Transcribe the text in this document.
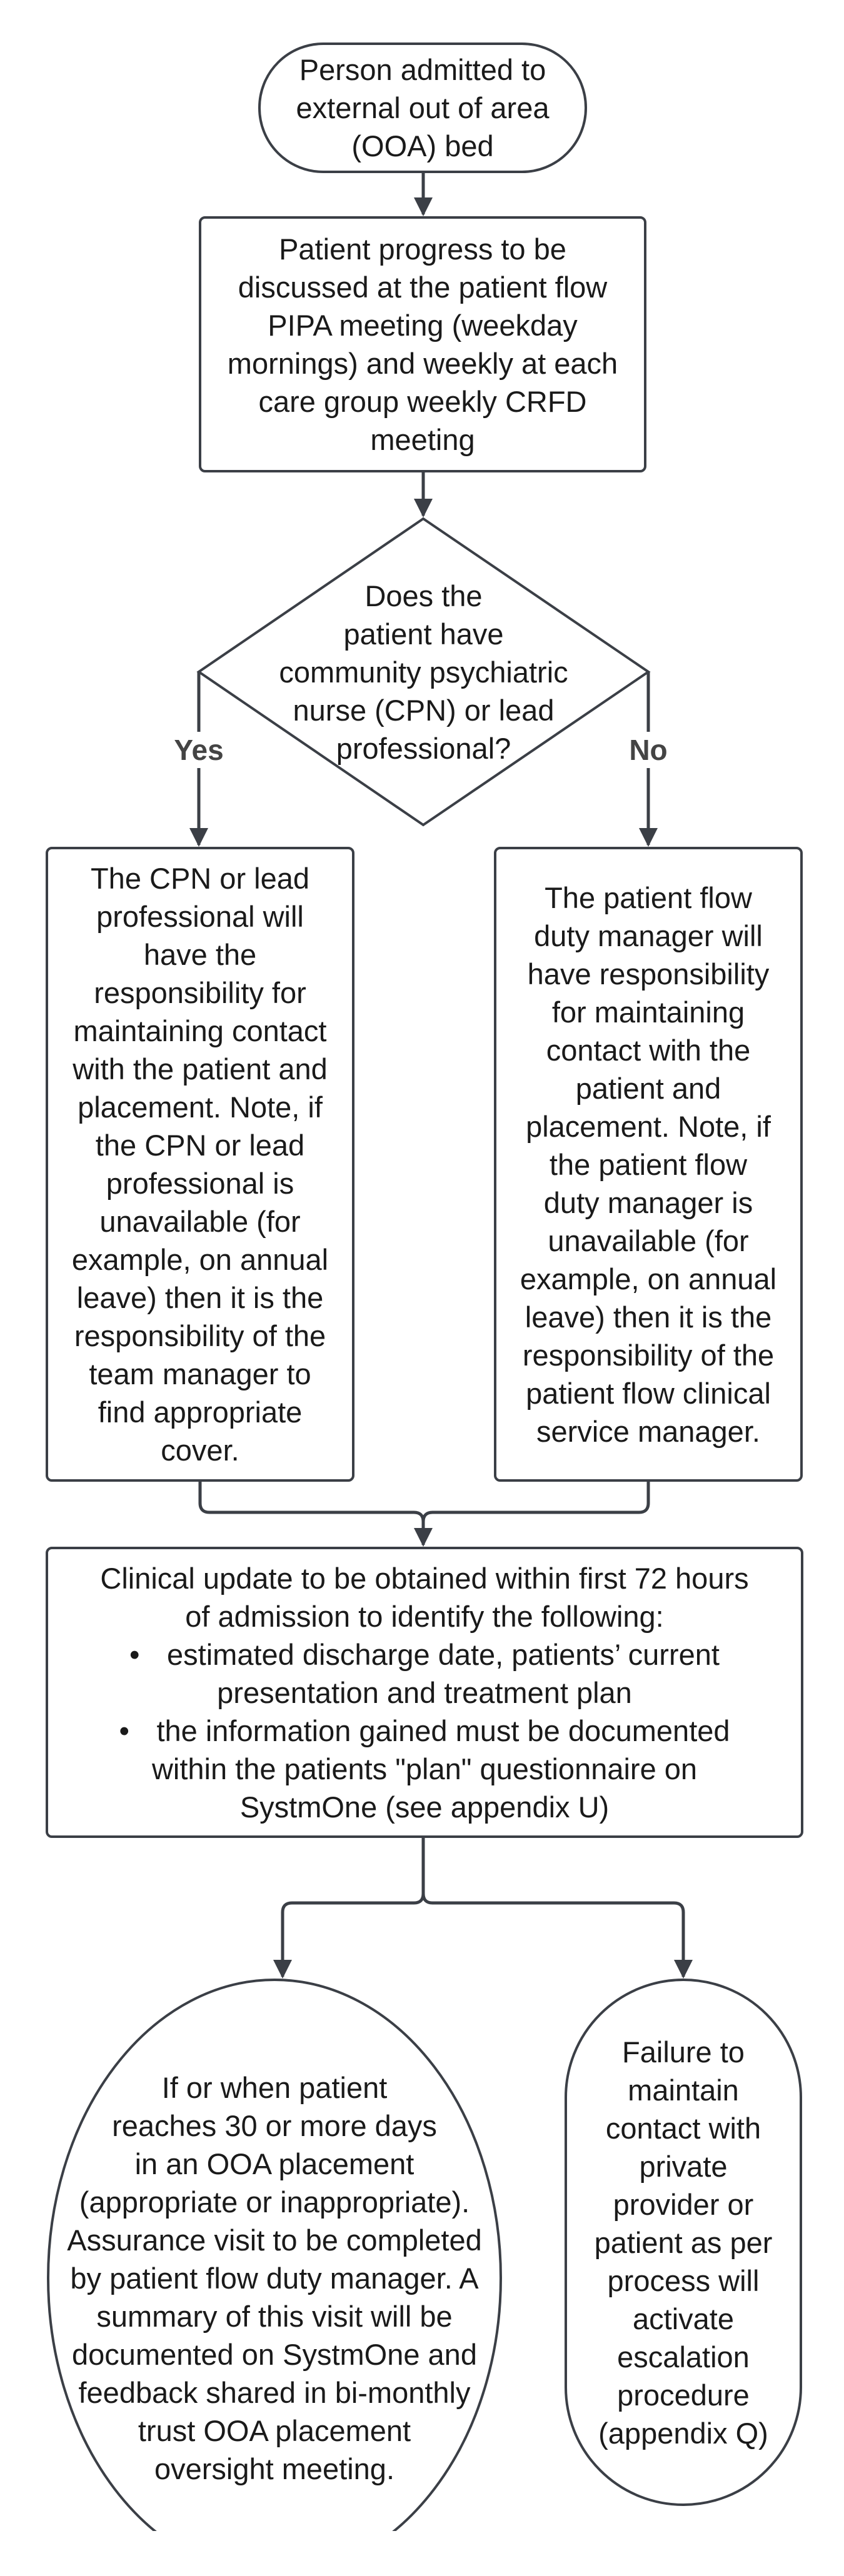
Yes	No
Person admitted to
external out of area
(OOA) bed
Patient progress to be
discussed at the patient flow
PIPA meeting (weekday
mornings) and weekly at each
care group weekly CRFD
meeting
Does the
patient have
community psychiatric
nurse (CPN) or lead
professional?
The CPN or lead
professional will
have the
responsibility for
maintaining contact
with the patient and
placement. Note, if
the CPN or lead
professional is
unavailable (for
example, on annual
leave) then it is the
responsibility of the
team manager to
find appropriate
cover.
The patient flow
duty manager will
have responsibility
for maintaining
contact with the
patient and
placement. Note, if
the patient flow
duty manager is
unavailable (for
example, on annual
leave) then it is the
responsibility of the
patient flow clinical
service manager.
Clinical update to be obtained within first 72 hours
of admission to identify the following:
• estimated discharge date, patients’ current
presentation and treatment plan
• the information gained must be documented
within the patients "plan" questionnaire on
SystmOne (see appendix U)
If or when patient
reaches 30 or more days
in an OOA placement
(appropriate or inappropriate).
Assurance visit to be completed
by patient flow duty manager. A
summary of this visit will be
documented on SystmOne and
feedback shared in bi-monthly
trust OOA placement
oversight meeting.
Failure to
maintain
contact with
private
provider or
patient as per
process will
activate
escalation
procedure
(appendix Q)
